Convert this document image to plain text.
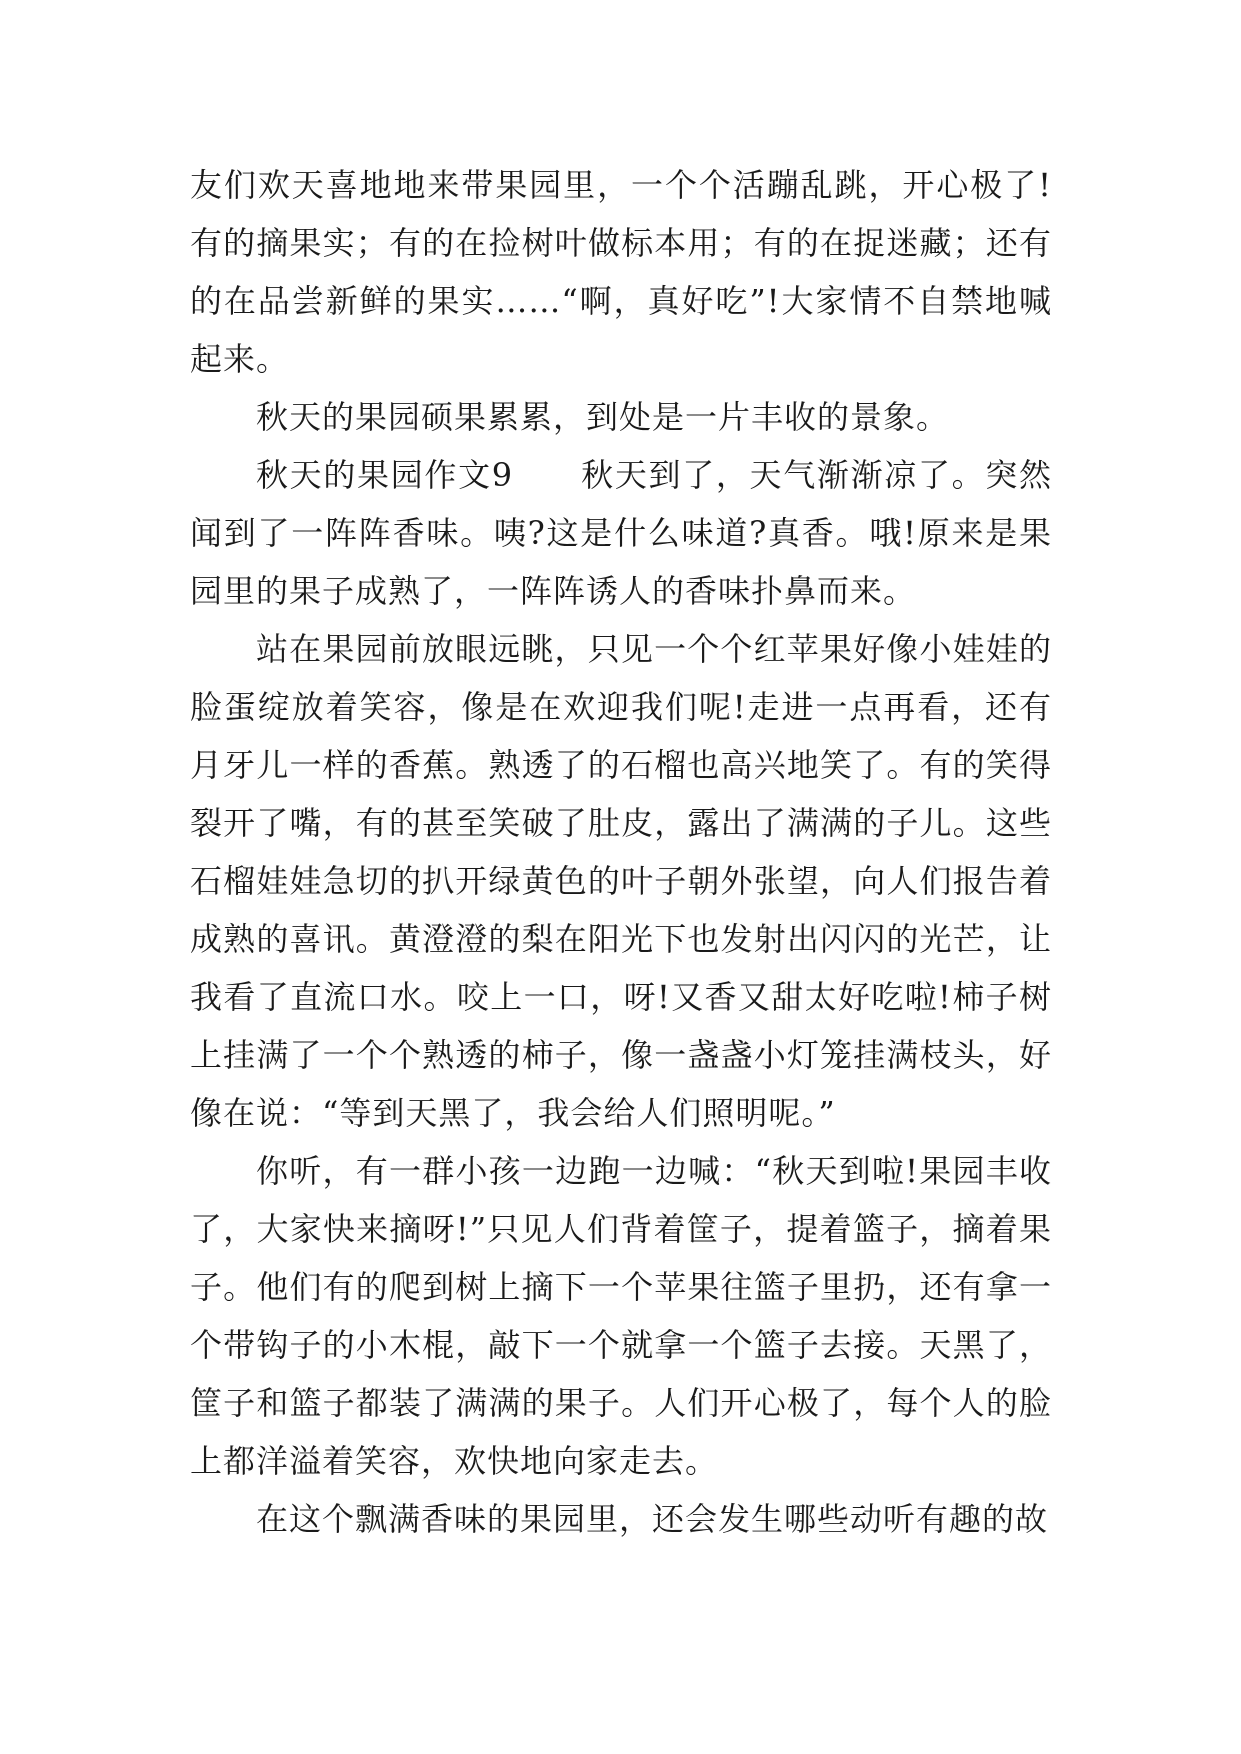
友们欢天喜地地来带果园里，一个个活蹦乱跳，开心极了!有的摘果实；有的在捡树叶做标本用；有的在捉迷藏；还有的在品尝新鲜的果实……“啊，真好吃”!大家情不自禁地喊起来。

秋天的果园硕果累累，到处是一片丰收的景象。

秋天的果园作文9　　秋天到了，天气渐渐凉了。突然闻到了一阵阵香味。咦?这是什么味道?真香。哦!原来是果园里的果子成熟了，一阵阵诱人的香味扑鼻而来。

站在果园前放眼远眺，只见一个个红苹果好像小娃娃的脸蛋绽放着笑容，像是在欢迎我们呢!走进一点再看，还有月牙儿一样的香蕉。熟透了的石榴也高兴地笑了。有的笑得裂开了嘴，有的甚至笑破了肚皮，露出了满满的子儿。这些石榴娃娃急切的扒开绿黄色的叶子朝外张望，向人们报告着成熟的喜讯。黄澄澄的梨在阳光下也发射出闪闪的光芒，让我看了直流口水。咬上一口，呀!又香又甜太好吃啦!柿子树上挂满了一个个熟透的柿子，像一盏盏小灯笼挂满枝头，好像在说：“等到天黑了，我会给人们照明呢。”

你听，有一群小孩一边跑一边喊：“秋天到啦!果园丰收了，大家快来摘呀!”只见人们背着筐子，提着篮子，摘着果子。他们有的爬到树上摘下一个苹果往篮子里扔，还有拿一个带钩子的小木棍，敲下一个就拿一个篮子去接。天黑了，筐子和篮子都装了满满的果子。人们开心极了，每个人的脸上都洋溢着笑容，欢快地向家走去。

在这个飘满香味的果园里，还会发生哪些动听有趣的故
